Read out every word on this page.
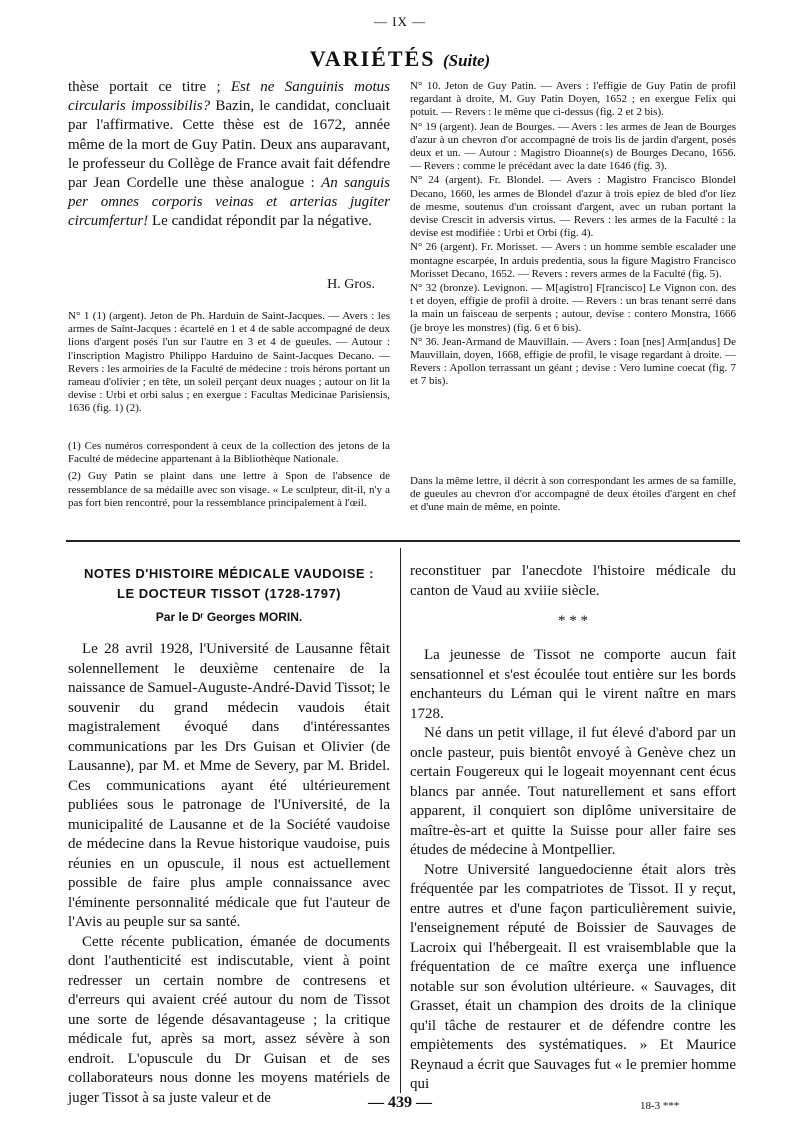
— IX —
VARIÉTÉS (Suite)

thèse portait ce titre ; Est ne Sanguinis motus circularis impossibilis? Bazin, le candidat, concluait par l'affirmative. Cette thèse est de 1672, année même de la mort de Guy Patin. Deux ans auparavant, le professeur du Collège de France avait fait défendre par Jean Cordelle une thèse analogue : An sanguis per omnes corporis veinas et arterias jugiter circumfertur! Le candidat répondit par la négative.

H. Gros.

N° 1 (1) (argent). Jeton de Ph. Harduin de Saint-Jacques. — Avers : les armes de Saint-Jacques : écartelé en 1 et 4 de sable accompagné de deux lions d'argent posés l'un sur l'autre en 3 et 4 de gueules. — Autour : l'inscription Magistro Philippo Harduino de Saint-Jacques Decano. — Revers : les armoiries de la Faculté de médecine : trois hérons portant un rameau d'olivier ; en tête, un soleil perçant deux nuages ; autour on lit la devise : Urbi et orbi salus ; en exergue : Facultas Medicinae Parisiensis, 1636 (fig. 1) (2).

(1) Ces numéros correspondent à ceux de la collection des jetons de la Faculté de médecine appartenant à la Bibliothèque Nationale.

(2) Guy Patin se plaint dans une lettre à Spon de l'absence de ressemblance de sa médaille avec son visage. « Le sculpteur, dit-il, n'y a pas fort bien rencontré, pour la ressemblance principalement à l'œil.

N° 10. Jeton de Guy Patin. — Avers : l'effigie de Guy Patin de profil regardant à droite, M. Guy Patin Doyen, 1652 ; en exergue Felix qui potuit. — Revers : le même que ci-dessus (fig. 2 et 2 bis).

N° 19 (argent). Jean de Bourges. — Avers : les armes de Jean de Bourges d'azur à un chevron d'or accompagné de trois lis de jardin d'argent, posés deux et un. — Autour : Magistro Dioanne(s) de Bourges Decano, 1656. — Revers : comme le précédant avec la date 1646 (fig. 3).

N° 24 (argent). Fr. Blondel. — Avers : Magistro Francisco Blondel Decano, 1660, les armes de Blondel d'azur à trois epiez de bled d'or liez de mesme, soutenus d'un croissant d'argent, avec un ruban portant la devise Crescit in adversis virtus. — Revers : les armes de la Faculté : la devise est modifiée : Urbi et Orbi (fig. 4).

N° 26 (argent). Fr. Morisset. — Avers : un homme semble escalader une montagne escarpée, In arduis predentia, sous la figure Magistro Francisco Morisset Decano, 1652. — Revers : revers armes de la Faculté (fig. 5).

N° 32 (bronze). Levignon. — M[agistro] F[rancisco] Le Vignon con. des t et doyen, effigie de profil à droite. — Revers : un bras tenant serré dans la main un faisceau de serpents ; autour, devise : contero Monstra, 1666 (je broye les monstres) (fig. 6 et 6 bis).

N° 36. Jean-Armand de Mauvillain. — Avers : Ioan [nes] Arm[andus] De Mauvillain, doyen, 1668, effigie de profil, le visage regardant à droite. — Revers : Apollon terrassant un géant ; devise : Vero lumine coecat (fig. 7 et 7 bis).

Dans la même lettre, il décrit à son correspondant les armes de sa famille, de gueules au chevron d'or accompagné de deux étoiles d'argent en chef et d'une main de même, en pointe.

NOTES D'HISTOIRE MÉDICALE VAUDOISE :
LE DOCTEUR TISSOT (1728-1797)
Par le Dʳ Georges MORIN.

Le 28 avril 1928, l'Université de Lausanne fêtait solennellement le deuxième centenaire de la naissance de Samuel-Auguste-André-David Tissot; le souvenir du grand médecin vaudois était magistralement évoqué dans d'intéressantes communications par les Drs Guisan et Olivier (de Lausanne), par M. et Mme de Severy, par M. Bridel. Ces communications ayant été ultérieurement publiées sous le patronage de l'Université, de la municipalité de Lausanne et de la Société vaudoise de médecine dans la Revue historique vaudoise, puis réunies en un opuscule, il nous est actuellement possible de faire plus ample connaissance avec l'éminente personnalité médicale que fut l'auteur de l'Avis au peuple sur sa santé.

Cette récente publication, émanée de documents dont l'authenticité est indiscutable, vient à point redresser un certain nombre de contresens et d'erreurs qui avaient créé autour du nom de Tissot une sorte de légende désavantageuse ; la critique médicale fut, après sa mort, assez sévère à son endroit. L'opuscule du Dr Guisan et de ses collaborateurs nous donne les moyens matériels de juger Tissot à sa juste valeur et de

reconstituer par l'anecdote l'histoire médicale du canton de Vaud au xviiie siècle.

* * *

La jeunesse de Tissot ne comporte aucun fait sensationnel et s'est écoulée tout entière sur les bords enchanteurs du Léman qui le virent naître en mars 1728.

Né dans un petit village, il fut élevé d'abord par un oncle pasteur, puis bientôt envoyé à Genève chez un certain Fougereux qui le logeait moyennant cent écus blancs par année. Tout naturellement et sans effort apparent, il conquiert son diplôme universitaire de maître-ès-art et quitte la Suisse pour aller faire ses études de médecine à Montpellier.

Notre Université languedocienne était alors très fréquentée par les compatriotes de Tissot. Il y reçut, entre autres et d'une façon particulièrement suivie, l'enseignement réputé de Boissier de Sauvages de Lacroix qui l'hébergeait. Il est vraisemblable que la fréquentation de ce maître exerça une influence notable sur son évolution ultérieure. « Sauvages, dit Grasset, était un champion des droits de la clinique qu'il tâche de restaurer et de défendre contre les empiètements des systématiques. » Et Maurice Reynaud a écrit que Sauvages fut « le premier homme qui

— 439 —	18-3 ***
